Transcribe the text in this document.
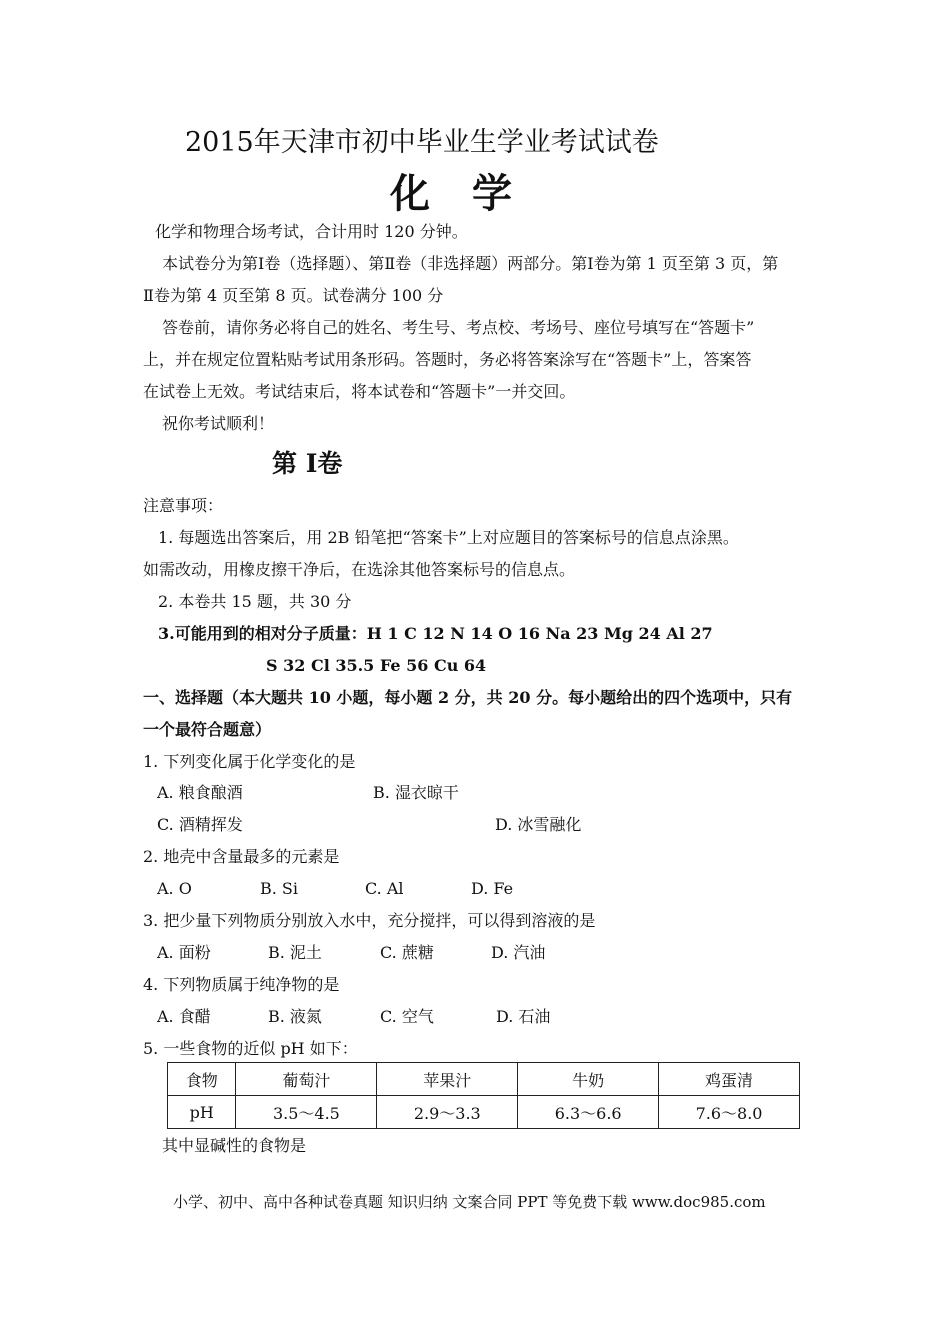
2015年天津市初中毕业生学业考试试卷
化学
化学和物理合场考试，合计用时 120 分钟。
本试卷分为第Ⅰ卷（选择题）、第Ⅱ卷（非选择题）两部分。第Ⅰ卷为第 1 页至第 3 页，第
Ⅱ卷为第 4 页至第 8 页。试卷满分 100 分
答卷前，请你务必将自己的姓名、考生号、考点校、考场号、座位号填写在“答题卡”
上，并在规定位置粘贴考试用条形码。答题时，务必将答案涂写在“答题卡”上，答案答
在试卷上无效。考试结束后，将本试卷和“答题卡”一并交回。
祝你考试顺利！
第 Ⅰ卷
注意事项：
1. 每题选出答案后，用 2B 铅笔把“答案卡”上对应题目的答案标号的信息点涂黑。
如需改动，用橡皮擦干净后，在选涂其他答案标号的信息点。
2. 本卷共 15 题，共 30 分
3.可能用到的相对分子质量：H 1 C 12 N 14 O 16 Na 23 Mg 24 Al 27
S 32 Cl 35.5 Fe 56 Cu 64
一、选择题（本大题共 10 小题，每小题 2 分，共 20 分。每小题给出的四个选项中，只有
一个最符合题意）
1. 下列变化属于化学变化的是
A. 粮食酿酒	B. 湿衣晾干
C. 酒精挥发	D. 冰雪融化
2. 地壳中含量最多的元素是
A. O	B. Si	C. Al	D. Fe
3. 把少量下列物质分别放入水中，充分搅拌，可以得到溶液的是
A. 面粉	B. 泥土	C. 蔗糖	D. 汽油
4. 下列物质属于纯净物的是
A. 食醋	B. 液氮	C. 空气	D. 石油
5. 一些食物的近似 pH 如下：
食物	葡萄汁	苹果汁	牛奶	鸡蛋清
pH	3.5～4.5	2.9～3.3	6.3～6.6	7.6～8.0
其中显碱性的食物是
小学、初中、高中各种试卷真题 知识归纳 文案合同 PPT 等免费下载 www.doc985.com
